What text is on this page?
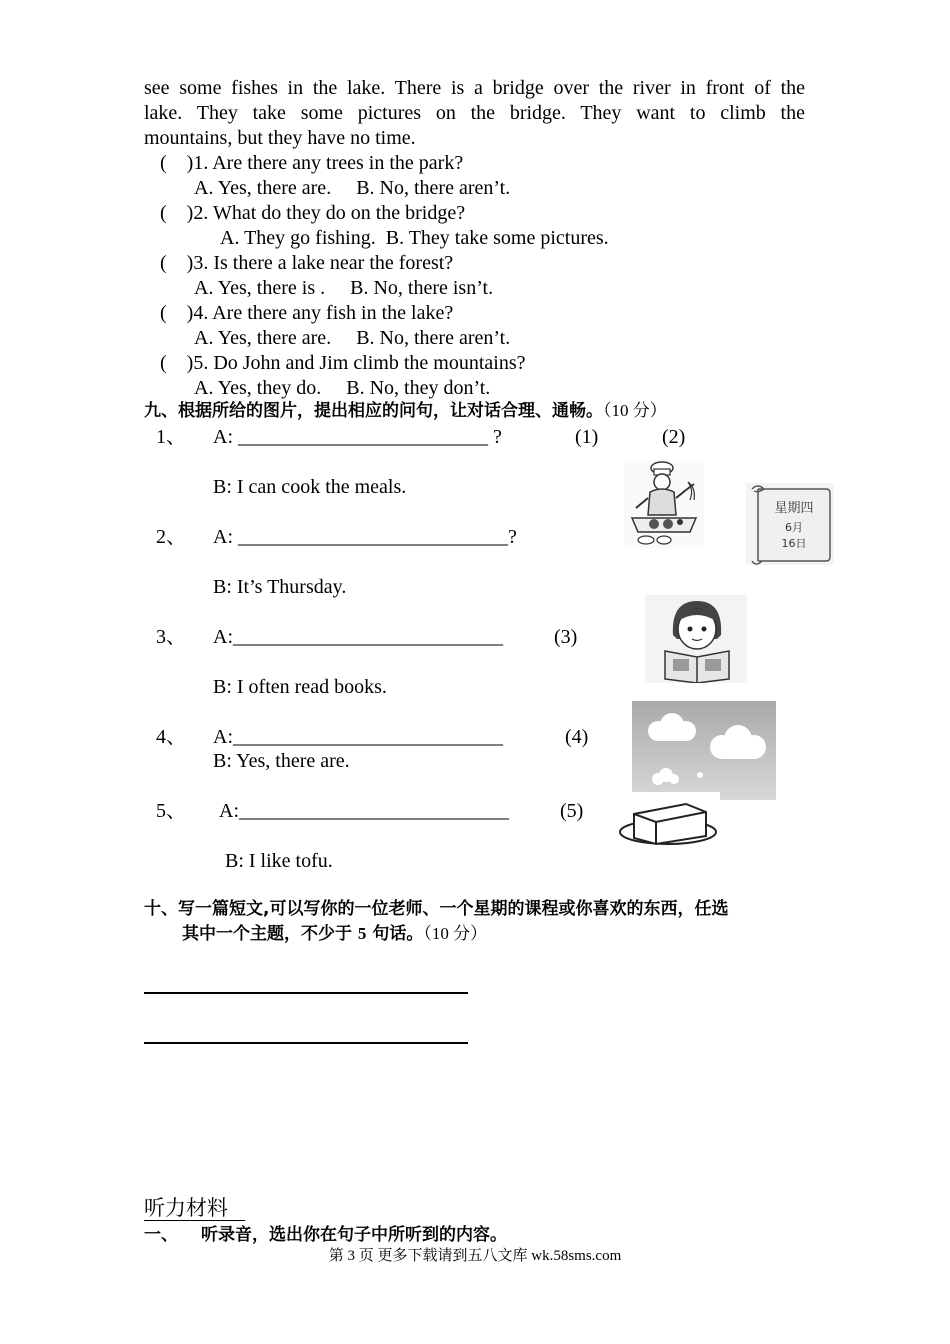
see some fishes in the lake. There is a bridge over the river in front of the
lake. They take some pictures on the bridge. They want to climb the
mountains, but they have no time.
(    )1. Are there any trees in the park?
A. Yes, there are.     B. No, there aren’t.
(    )2. What do they do on the bridge?
A. They go fishing.  B. They take some pictures.
(    )3. Is there a lake near the forest?
A. Yes, there is .     B. No, there isn’t.
(    )4. Are there any fish in the lake?
A. Yes, there are.     B. No, there aren’t.
(    )5. Do John and Jim climb the mountains?
A. Yes, they do.     B. No, they don’t.
九、根据所给的图片，提出相应的问句，让对话合理、通畅。（10 分）
1、 A: _________________________ ?	(1)	(2)
B: I can cook the meals.
2、 A: ___________________________?
B: It’s Thursday.
3、 A:___________________________	(3)
B: I often read books.
4、 A:___________________________	(4)
B: Yes, there are.
5、 A:___________________________	(5)
B: I like tofu.
星期四
6月
16日
十、写一篇短文,可以写你的一位老师、一个星期的课程或你喜欢的东西，任选
其中一个主题，不少于 5 句话。（10 分）
听力材料
一、 听录音，选出你在句子中所听到的内容。
第 3 页 更多下载请到五八文库 wk.58sms.com
